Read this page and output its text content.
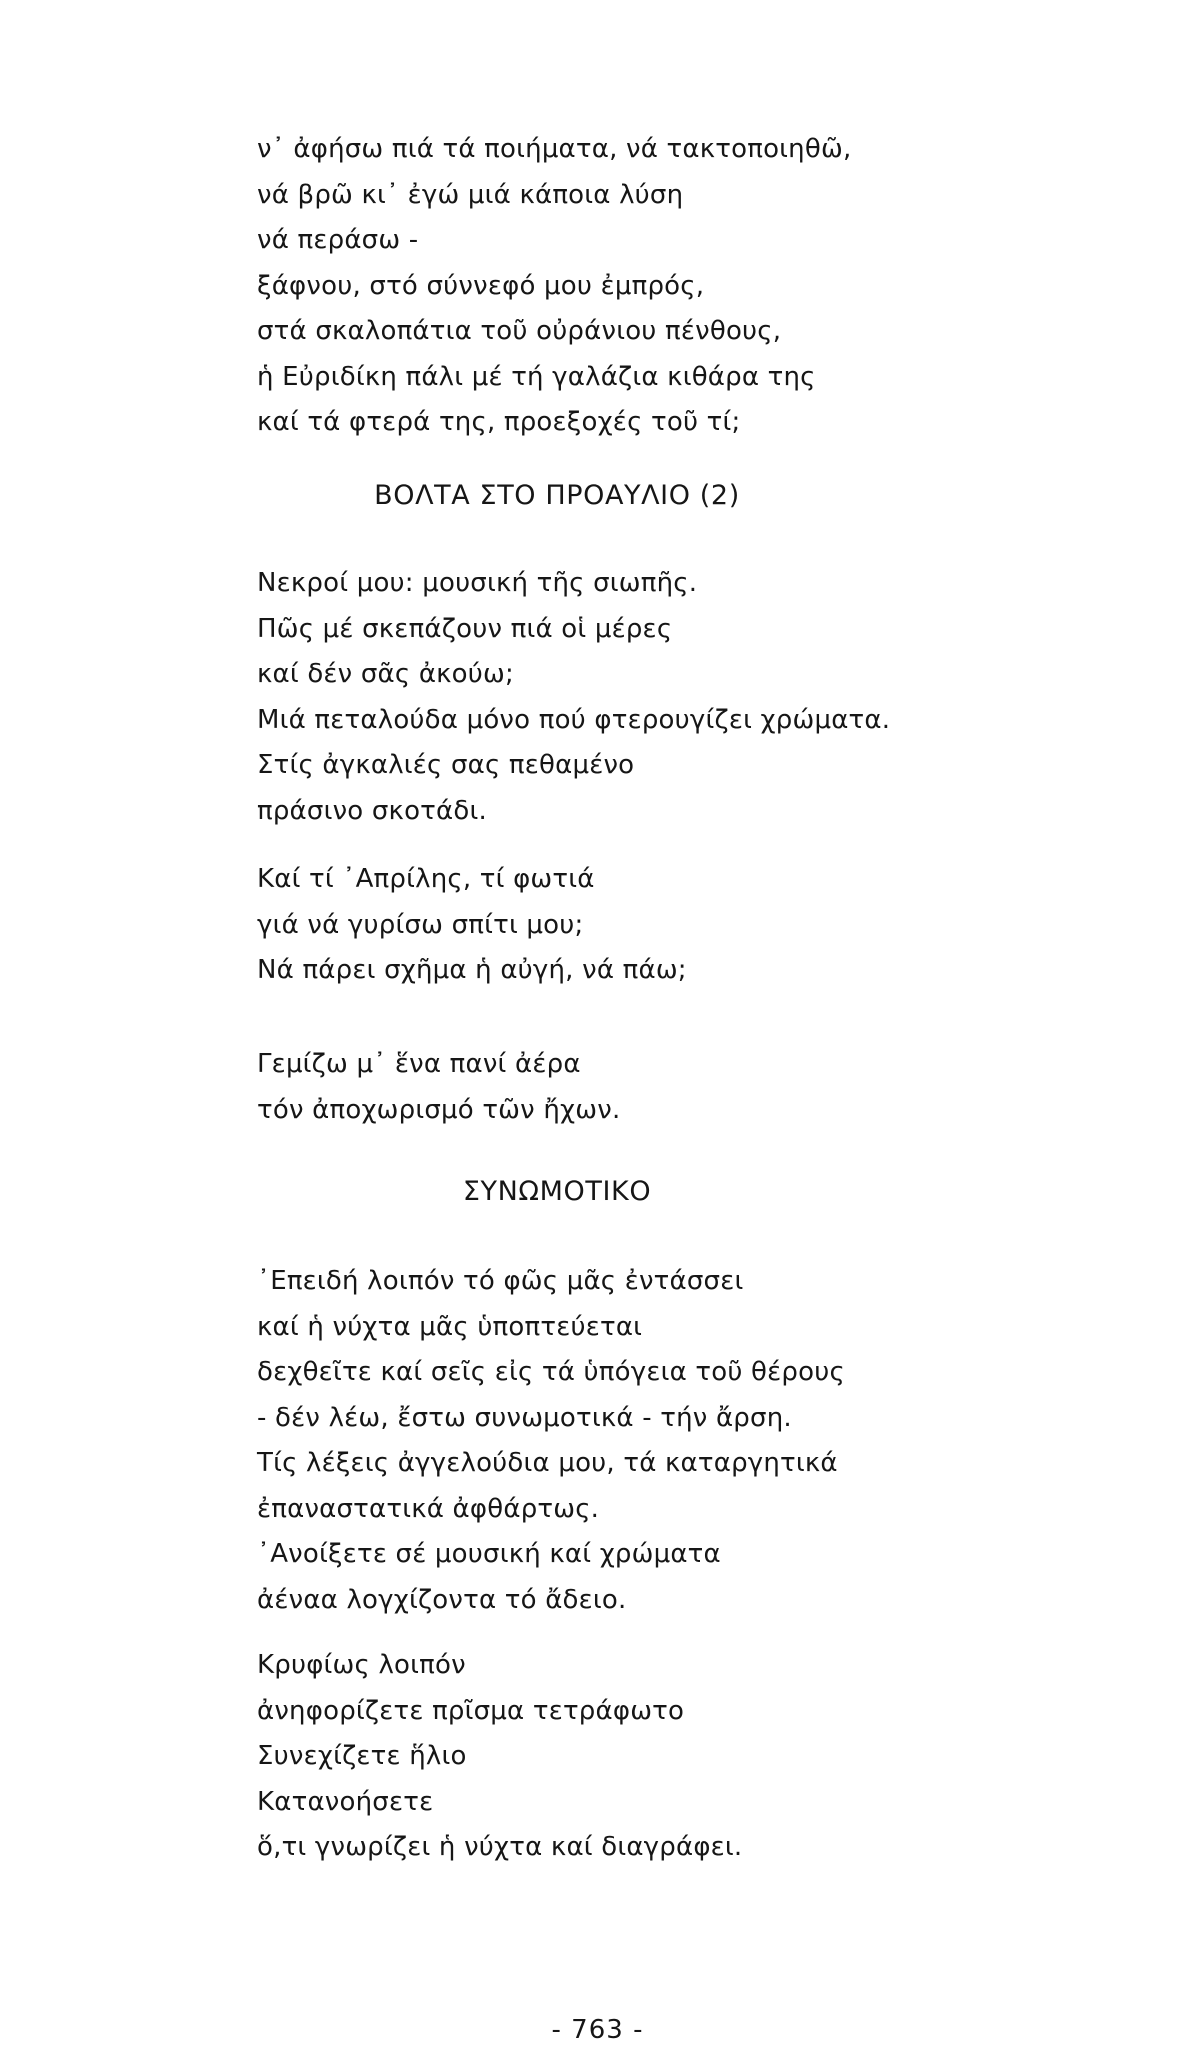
ν᾿ ἀφήσω πιά τά ποιήματα, νά τακτοποιηθῶ,
νά βρῶ κι᾿ ἐγώ μιά κάποια λύση
νά περάσω -
ξάφνου, στό σύννεφό μου ἐμπρός,
στά σκαλοπάτια τοῦ οὐράνιου πένθους,
ἡ Εὐριδίκη πάλι μέ τή γαλάζια κιθάρα της
καί τά φτερά της, προεξοχές τοῦ τί;
ΒΟΛΤΑ ΣΤΟ ΠΡΟΑΥΛΙΟ (2)
Νεκροί μου: μουσική τῆς σιωπῆς.
Πῶς μέ σκεπάζουν πιά οἱ μέρες
καί δέν σᾶς ἀκούω;
Μιά πεταλούδα μόνο πού φτερουγίζει χρώματα.
Στίς ἀγκαλιές σας πεθαμένο
πράσινο σκοτάδι.
Καί τί ᾿Απρίλης, τί φωτιά
γιά νά γυρίσω σπίτι μου;
Νά πάρει σχῆμα ἡ αὐγή, νά πάω;
Γεμίζω μ᾿ ἕνα πανί ἀέρα
τόν ἀποχωρισμό τῶν ἤχων.
ΣΥΝΩΜΟΤΙΚΟ
᾿Επειδή λοιπόν τό φῶς μᾶς ἐντάσσει
καί ἡ νύχτα μᾶς ὑποπτεύεται
δεχθεῖτε καί σεῖς εἰς τά ὑπόγεια τοῦ θέρους
- δέν λέω, ἔστω συνωμοτικά - τήν ἄρση.
Τίς λέξεις ἀγγελούδια μου, τά καταργητικά
ἐπαναστατικά ἀφθάρτως.
᾿Ανοίξετε σέ μουσική καί χρώματα
ἀέναα λογχίζοντα τό ἄδειο.
Κρυφίως λοιπόν
ἀνηφορίζετε πρῖσμα τετράφωτο
Συνεχίζετε ἥλιο
Κατανοήσετε
ὅ,τι γνωρίζει ἡ νύχτα καί διαγράφει.
- 763 -
